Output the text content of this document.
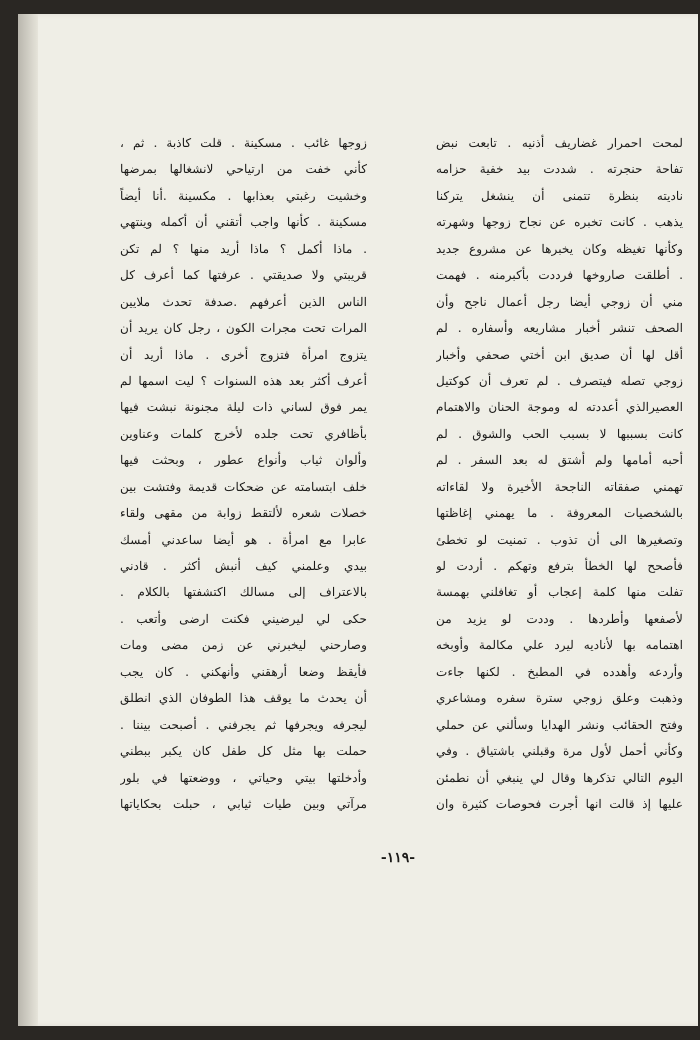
لمحت احمرار غضاريف أذنيه . تابعت نبض
تفاحة حنجرته . شددت بيد خفية حزامه
ناديته بنظرة تتمنى أن ينشغل يتركنا
يذهب . كانت تخبره عن نجاح زوجها وشهرته
وكأنها تغيظه وكان يخبرها عن مشروع جديد
. أطلقت صاروخها فرددت بأكبرمنه . فهمت
مني أن زوجي أيضا رجل أعمال ناجح وأن
الصحف تنشر أخبار مشاريعه وأسفاره . لم
أقل لها أن صديق ابن أختي صحفي وأخبار
زوجي تصله فيتصرف . لم تعرف أن كوكتيل
العصيرالذي أعددته له وموجة الحنان والاهتمام
كانت بسببها لا بسبب الحب والشوق . لم
أحبه أمامها ولم أشتق له بعد السفر . لم
تهمني صفقاته الناجحة الأخيرة ولا لقاءاته
بالشخصيات المعروفة . ما يهمني إغاظتها
وتصغيرها الى أن تذوب . تمنيت لو تخطئ
فأصحح لها الخطأ بترفع وتهكم . أردت لو
تفلت منها كلمة إعجاب أو تغافلني بهمسة
لأصفعها وأطردها . وددت لو يزيد من
اهتمامه بها لأناديه ليرد علي مكالمة وأوبخه
وأردعه وأهدده في المطبخ . لكنها جاءت
وذهبت وعلق زوجي سترة سفره ومشاعري
وفتح الحقائب ونشر الهدايا وسألني عن حملي
وكأني أحمل لأول مرة وقبلني باشتياق . وفي
اليوم التالي تذكرها وقال لي ينبغي أن نطمئن
عليها إذ قالت انها أجرت فحوصات كثيرة وان
زوجها غائب . مسكينة . قلت كاذبة . ثم ،
كأني خفت من ارتياحي لانشغالها بمرضها
وخشيت رغبتي بعذابها . مكسينة .أنا أيضاً
مسكينة . كأنها واجب أتقني أن أكمله وينتهي
. ماذا أكمل ؟ ماذا أريد منها ؟ لم تكن
قريبتي ولا صديقتي . عرفتها كما أعرف كل
الناس الذين أعرفهم .صدفة تحدث ملايين
المرات تحت مجرات الكون ، رجل كان يريد أن
يتزوج امرأة فتزوج أخرى . ماذا أريد أن
أعرف أكثر بعد هذه السنوات ؟ ليت اسمها لم
يمر فوق لساني ذات ليلة مجنونة نبشت فيها
بأظافري تحت جلده لأخرج كلمات وعناوين
وألوان ثياب وأنواع عطور ، وبحثت فيها
خلف ابتسامته عن ضحكات قديمة وفتشت بين
خصلات شعره لألتقط زوابة من مقهى ولقاء
عابرا مع امرأة . هو أيضا ساعدني أمسك
بيدي وعلمني كيف أنبش أكثر . قادني
بالاعتراف إلى مسالك اكتشفتها بالكلام .
حكى لي ليرضيني فكنت ارضى وأتعب .
وصارحني ليخبرني عن زمن مضى ومات
فأيقظ وضعا أرهقني وأنهكني . كان يجب
أن يحدث ما يوقف هذا الطوفان الذي انطلق
ليجرفه ويجرفها ثم يجرفني . أصبحت بيننا .
حملت بها مثل كل طفل كان يكبر ببطني
وأدخلتها بيتي وحياتي ، ووضعتها في بلور
مرآتي وبين طيات ثيابي ، حبلت بحكاياتها
-١١٩-
